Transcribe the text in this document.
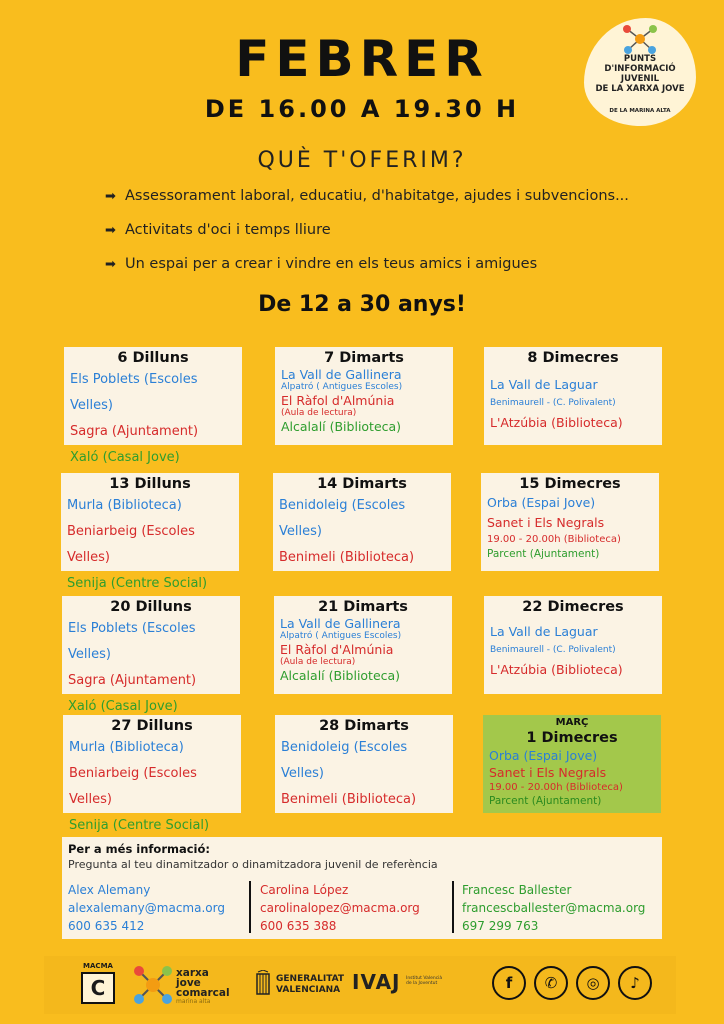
FEBRER
DE 16.00 A 19.30 H
PUNTS
D'INFORMACIÓ
JUVENIL
DE LA XARXA JOVE
DE LA MARINA ALTA
QUÈ T'OFERIM?
➡ Assessorament laboral, educatiu, d'habitatge, ajudes i subvencions...
➡ Activitats d'oci i temps lliure
➡ Un espai per a crear i vindre en els teus amics i amigues
De 12 a 30 anys!
6 Dilluns
Els Poblets (Escoles Velles)
Sagra (Ajuntament)
Xaló (Casal Jove)
7 Dimarts
La Vall de Gallinera
Alpatró ( Antigues Escoles)
El Ràfol d'Almúnia
(Aula de lectura)
Alcalalí (Biblioteca)
8 Dimecres
La Vall de Laguar
Benimaurell - (C. Polivalent)
L'Atzúbia (Biblioteca)
13 Dilluns
Murla (Biblioteca)
Beniarbeig (Escoles Velles)
Senija (Centre Social)
14 Dimarts
Benidoleig (Escoles Velles)
Benimeli (Biblioteca)
15 Dimecres
Orba (Espai Jove)
Sanet i Els Negrals
19.00 - 20.00h (Biblioteca)
Parcent (Ajuntament)
20 Dilluns
Els Poblets (Escoles Velles)
Sagra (Ajuntament)
Xaló (Casal Jove)
21 Dimarts
La Vall de Gallinera
Alpatró ( Antigues Escoles)
El Ràfol d'Almúnia
(Aula de lectura)
Alcalalí (Biblioteca)
22 Dimecres
La Vall de Laguar
Benimaurell - (C. Polivalent)
L'Atzúbia (Biblioteca)
27 Dilluns
Murla (Biblioteca)
Beniarbeig (Escoles Velles)
Senija (Centre Social)
28 Dimarts
Benidoleig (Escoles Velles)
Benimeli (Biblioteca)
MARÇ
1 Dimecres
Orba (Espai Jove)
Sanet i Els Negrals
19.00 - 20.00h (Biblioteca)
Parcent (Ajuntament)
Per a més informació:
Pregunta al teu dinamitzador o dinamitzadora juvenil de referència
Alex Alemany
alexalemany@macma.org
600 635 412
Carolina López
carolinalopez@macma.org
600 635 388
Francesc Ballester
francescballester@macma.org
697 299 763
MACMA
C
xarxa
jove
comarcal
marina alta
GENERALITAT
VALENCIANA IVAJ Institut Valencià de la Joventut	f	✆	◎	♪
